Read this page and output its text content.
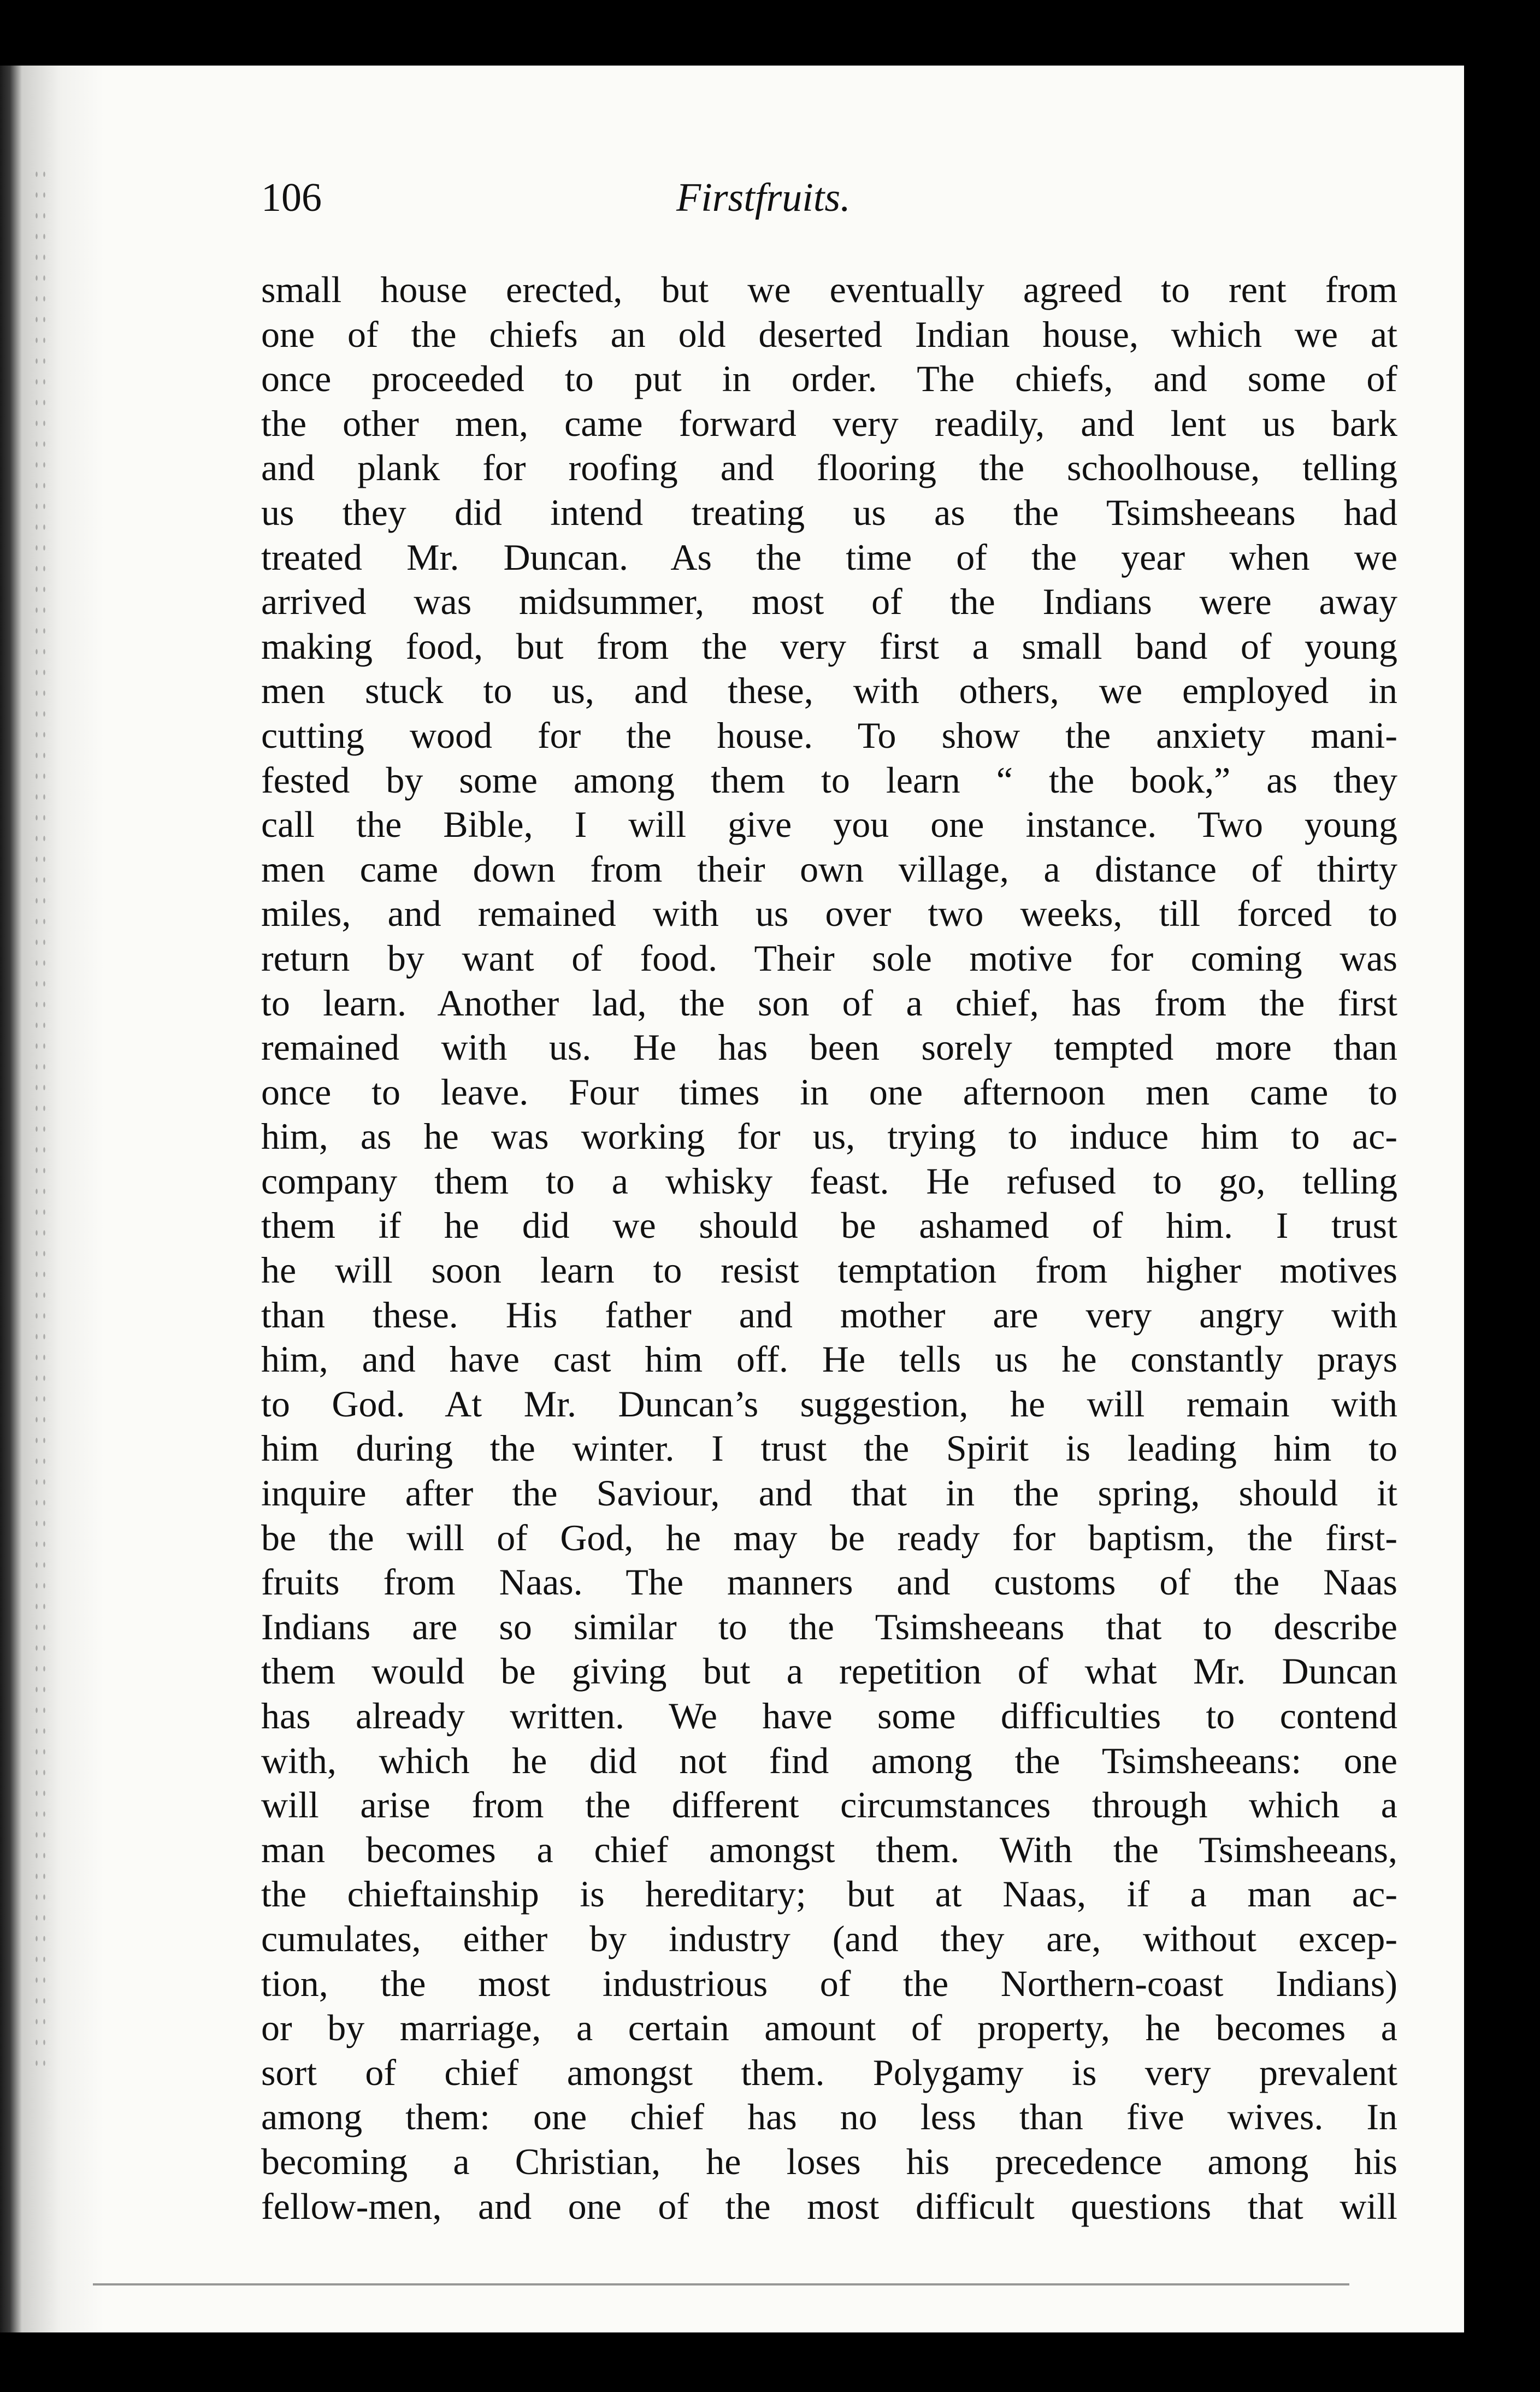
106	Firstfruits.
small house erected, but we eventually agreed to rent from
one of the chiefs an old deserted Indian house, which we at
once proceeded to put in order. The chiefs, and some of
the other men, came forward very readily, and lent us bark
and plank for roofing and flooring the schoolhouse, telling
us they did intend treating us as the Tsimsheeans had
treated Mr. Duncan. As the time of the year when we
arrived was midsummer, most of the Indians were away
making food, but from the very first a small band of young
men stuck to us, and these, with others, we employed in
cutting wood for the house. To show the anxiety mani-
fested by some among them to learn “ the book,” as they
call the Bible, I will give you one instance. Two young
men came down from their own village, a distance of thirty
miles, and remained with us over two weeks, till forced to
return by want of food. Their sole motive for coming was
to learn. Another lad, the son of a chief, has from the first
remained with us. He has been sorely tempted more than
once to leave. Four times in one afternoon men came to
him, as he was working for us, trying to induce him to ac-
company them to a whisky feast. He refused to go, telling
them if he did we should be ashamed of him. I trust
he will soon learn to resist temptation from higher motives
than these. His father and mother are very angry with
him, and have cast him off. He tells us he constantly prays
to God. At Mr. Duncan’s suggestion, he will remain with
him during the winter. I trust the Spirit is leading him to
inquire after the Saviour, and that in the spring, should it
be the will of God, he may be ready for baptism, the first-
fruits from Naas. The manners and customs of the Naas
Indians are so similar to the Tsimsheeans that to describe
them would be giving but a repetition of what Mr. Duncan
has already written. We have some difficulties to contend
with, which he did not find among the Tsimsheeans: one
will arise from the different circumstances through which a
man becomes a chief amongst them. With the Tsimsheeans,
the chieftainship is hereditary; but at Naas, if a man ac-
cumulates, either by industry (and they are, without excep-
tion, the most industrious of the Northern-coast Indians)
or by marriage, a certain amount of property, he becomes a
sort of chief amongst them. Polygamy is very prevalent
among them: one chief has no less than five wives. In
becoming a Christian, he loses his precedence among his
fellow-men, and one of the most difficult questions that will
